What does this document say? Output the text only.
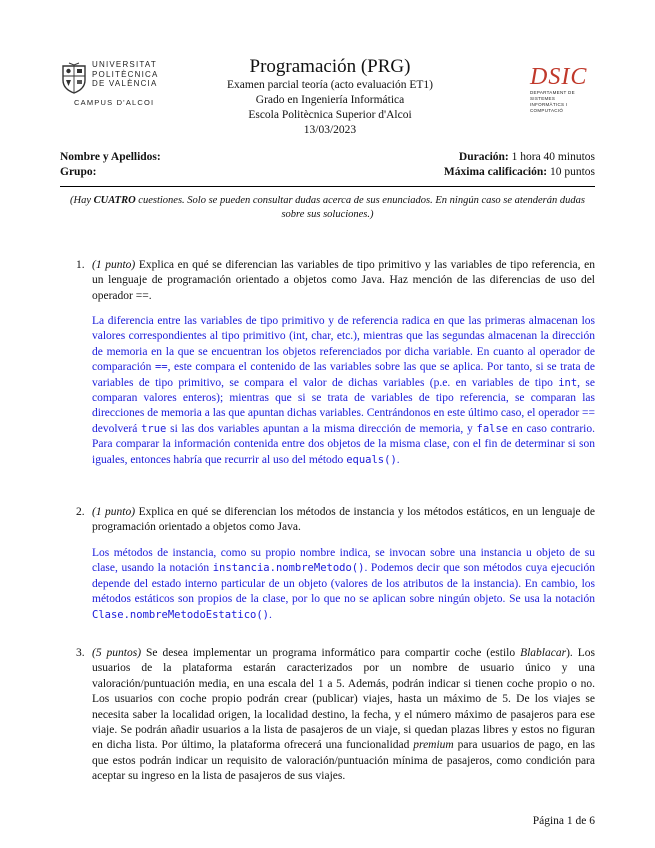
UNIVERSITAT
POLITÈCNICA
DE VALÈNCIA
CAMPUS D'ALCOI
Programación (PRG)
Examen parcial teoría (acto evaluación ET1)
Grado en Ingeniería Informática
Escola Politècnica Superior d'Alcoi
13/03/2023
DSIC
DEPARTAMENT DE SISTEMES
INFORMÀTICS I COMPUTACIÓ
Nombre y Apellidos:
Grupo:
Duración: 1 hora 40 minutos
Máxima calificación: 10 puntos
(Hay CUATRO cuestiones. Solo se pueden consultar dudas acerca de sus enunciados. En ningún caso se atenderán dudas sobre sus soluciones.)
1. (1 punto) Explica en qué se diferencian las variables de tipo primitivo y las variables de tipo referencia, en un lenguaje de programación orientado a objetos como Java. Haz mención de las diferencias de uso del operador ==.
La diferencia entre las variables de tipo primitivo y de referencia radica en que las primeras almacenan los valores correspondientes al tipo primitivo (int, char, etc.), mientras que las segundas almacenan la dirección de memoria en la que se encuentran los objetos referenciados por dicha variable. En cuanto al operador de comparación ==, este compara el contenido de las variables sobre las que se aplica. Por tanto, si se trata de variables de tipo primitivo, se compara el valor de dichas variables (p.e. en variables de tipo int, se comparan valores enteros); mientras que si se trata de variables de tipo referencia, se comparan las direcciones de memoria a las que apuntan dichas variables. Centrándonos en este último caso, el operador == devolverá true si las dos variables apuntan a la misma dirección de memoria, y false en caso contrario. Para comparar la información contenida entre dos objetos de la misma clase, con el fin de determinar si son iguales, entonces habría que recurrir al uso del método equals().
2. (1 punto) Explica en qué se diferencian los métodos de instancia y los métodos estáticos, en un lenguaje de programación orientado a objetos como Java.
Los métodos de instancia, como su propio nombre indica, se invocan sobre una instancia u objeto de su clase, usando la notación instancia.nombreMetodo(). Podemos decir que son métodos cuya ejecución depende del estado interno particular de un objeto (valores de los atributos de la instancia). En cambio, los métodos estáticos son propios de la clase, por lo que no se aplican sobre ningún objeto. Se usa la notación Clase.nombreMetodoEstatico().
3. (5 puntos) Se desea implementar un programa informático para compartir coche (estilo Blablacar). Los usuarios de la plataforma estarán caracterizados por un nombre de usuario único y una valoración/puntuación media, en una escala del 1 a 5. Además, podrán indicar si tienen coche propio o no. Los usuarios con coche propio podrán crear (publicar) viajes, hasta un máximo de 5. De los viajes se necesita saber la localidad origen, la localidad destino, la fecha, y el número máximo de pasajeros para ese viaje. Se podrán añadir usuarios a la lista de pasajeros de un viaje, si quedan plazas libres y estos no figuran en dicha lista. Por último, la plataforma ofrecerá una funcionalidad premium para usuarios de pago, en las que estos podrán indicar un requisito de valoración/puntuación mínima de pasajeros, como condición para aceptar su ingreso en la lista de pasajeros de sus viajes.
Página 1 de 6
